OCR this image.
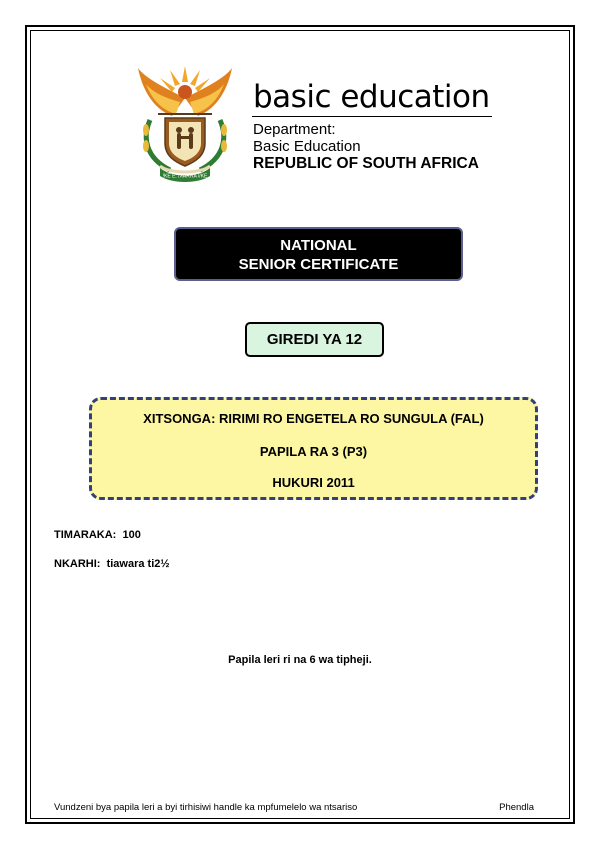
!KE E: /XARRA //KE
basic education
Department:
Basic Education
REPUBLIC OF SOUTH AFRICA
NATIONAL
SENIOR CERTIFICATE
GIREDI YA 12
XITSONGA: RIRIMI RO ENGETELA RO SUNGULA (FAL)
PAPILA RA 3 (P3)
HUKURI 2011
TIMARAKA: 100
NKARHI: tiawara ti2½
Papila leri ri na 6 wa tipheji.
Vundzeni bya papila leri a byi tirhisiwi handle ka mpfumelelo wa ntsariso	Phendla
